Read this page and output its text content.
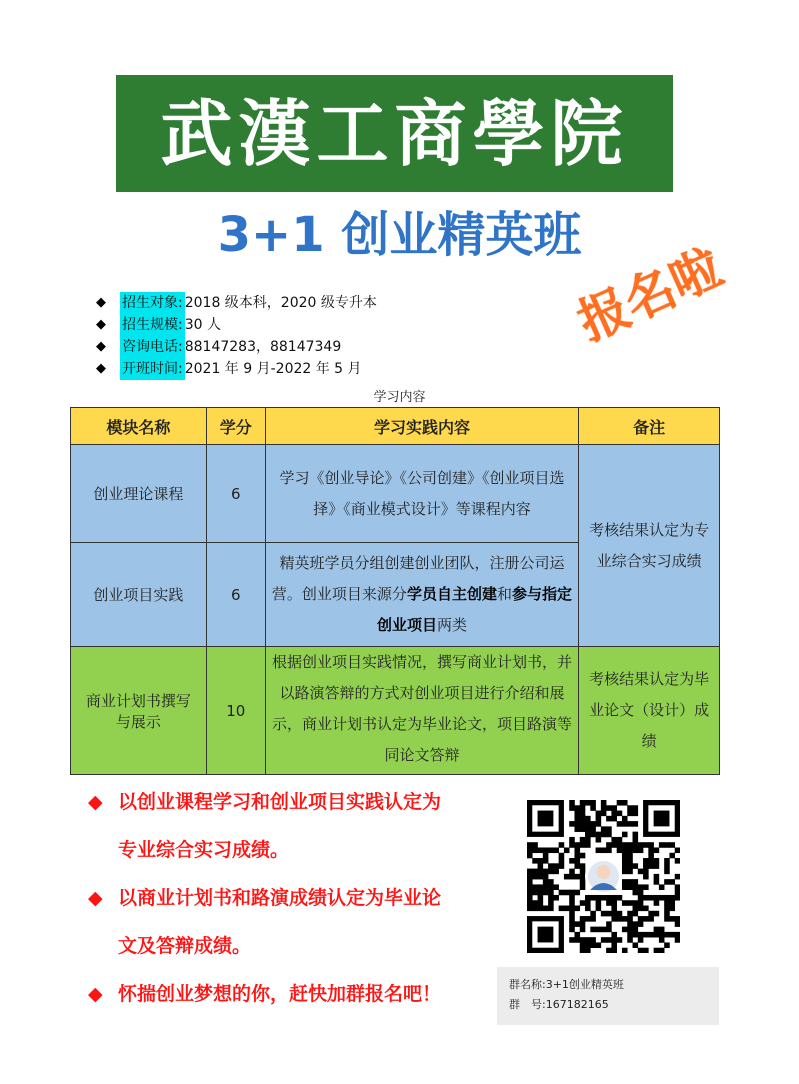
武漢工商學院
3+1 创业精英班
报名啦
◆	招生对象: 2018 级本科，2020 级专升本
◆	招生规模: 30 人
◆	咨询电话: 88147283，88147349
◆	开班时间: 2021 年 9 月-2022 年 5 月
学习内容
模块名称	学分	学习实践内容	备注
创业理论课程	6	学习《创业导论》《公司创建》《创业项目选择》《商业模式设计》等课程内容	考核结果认定为专业综合实习成绩
创业项目实践	6	精英班学员分组创建创业团队，注册公司运营。创业项目来源分学员自主创建和参与指定创业项目两类	
商业计划书撰写与展示	10	根据创业项目实践情况，撰写商业计划书，并以路演答辩的方式对创业项目进行介绍和展示，商业计划书认定为毕业论文，项目路演等同论文答辩	考核结果认定为毕业论文（设计）成绩
◆ 以创业课程学习和创业项目实践认定为
专业综合实习成绩。
◆ 以商业计划书和路演成绩认定为毕业论
文及答辩成绩。
◆ 怀揣创业梦想的你，赶快加群报名吧！	群名称:3+1创业精英班
群　号:167182165
